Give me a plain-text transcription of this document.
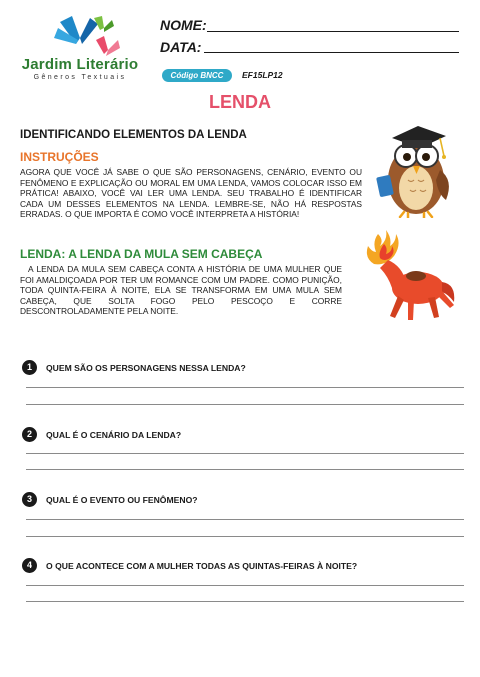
Jardim Literário
Gêneros Textuais
NOME:
DATA:
Código BNCC	EF15LP12
LENDA
IDENTIFICANDO ELEMENTOS DA LENDA
INSTRUÇÕES
AGORA QUE VOCÊ JÁ SABE O QUE SÃO PERSONAGENS, CENÁRIO, EVENTO OU FENÔMENO E EXPLICAÇÃO OU MORAL EM UMA LENDA, VAMOS COLOCAR ISSO EM PRÁTICA! ABAIXO, VOCÊ VAI LER UMA LENDA. SEU TRABALHO É IDENTIFICAR CADA UM DESSES ELEMENTOS NA LENDA. LEMBRE-SE, NÃO HÁ RESPOSTAS ERRADAS. O QUE IMPORTA É COMO VOCÊ INTERPRETA A HISTÓRIA!
LENDA: A LENDA DA MULA SEM CABEÇA
A LENDA DA MULA SEM CABEÇA CONTA A HISTÓRIA DE UMA MULHER QUE FOI AMALDIÇOADA POR TER UM ROMANCE COM UM PADRE. COMO PUNIÇÃO, TODA QUINTA-FEIRA À NOITE, ELA SE TRANSFORMA EM UMA MULA SEM CABEÇA, QUE SOLTA FOGO PELO PESCOÇO E CORRE DESCONTROLADAMENTE PELA NOITE.
1 QUEM SÃO OS PERSONAGENS NESSA LENDA?
2 QUAL É O CENÁRIO DA LENDA?
3 QUAL É O EVENTO OU FENÔMENO?
4 O QUE ACONTECE COM A MULHER TODAS AS QUINTAS-FEIRAS À NOITE?
